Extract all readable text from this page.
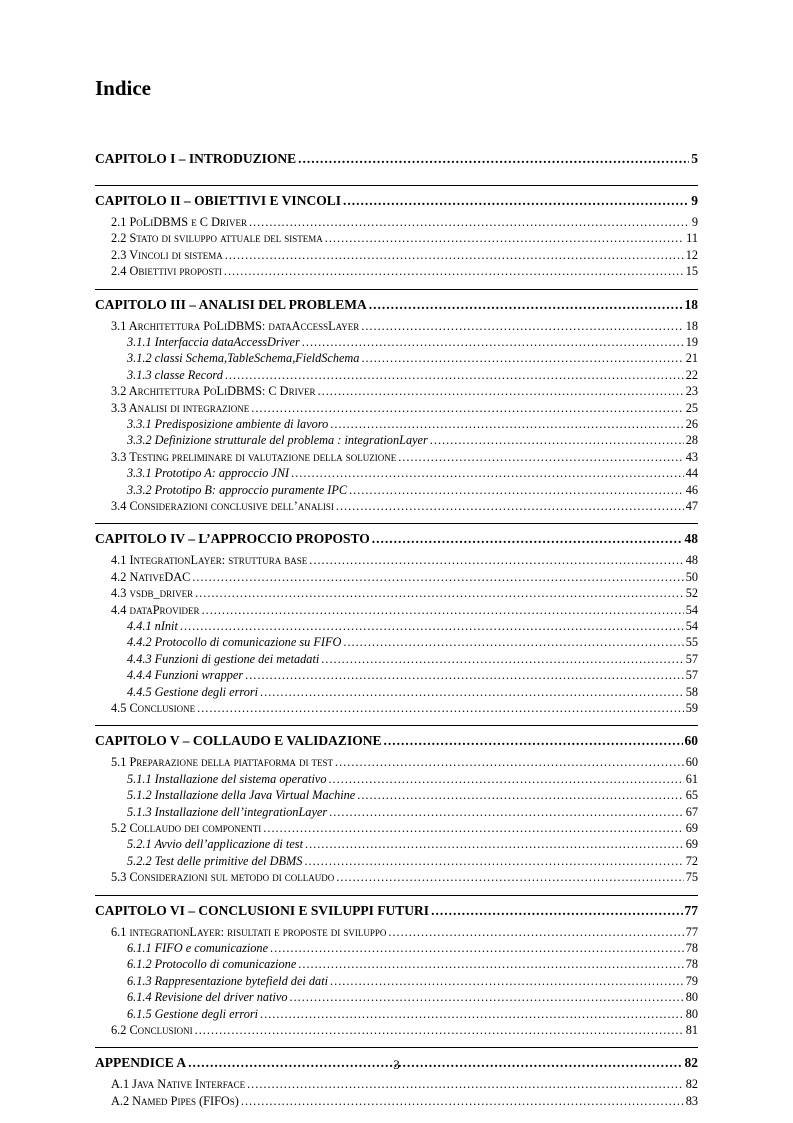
Indice
CAPITOLO I – INTRODUZIONE .....	5
CAPITOLO II – OBIETTIVI E VINCOLI .....	9
2.1 PoLiDBMS e C Driver .....	9
2.2 Stato di sviluppo attuale del sistema .....	11
2.3 Vincoli di sistema .....	12
2.4 Obiettivi proposti .....	15
CAPITOLO III – ANALISI DEL PROBLEMA .....	18
3.1 Architettura PoLiDBMS: dataAccessLayer .....	18
3.1.1 Interfaccia dataAccessDriver .....	19
3.1.2 classi Schema,TableSchema,FieldSchema .....	21
3.1.3 classe Record .....	22
3.2 Architettura PoLiDBMS: C Driver .....	23
3.3 Analisi di integrazione .....	25
3.3.1 Predisposizione ambiente di lavoro .....	26
3.3.2 Definizione strutturale del problema : integrationLayer .....	28
3.3 Testing preliminare di valutazione della soluzione .....	43
3.3.1 Prototipo A: approccio JNI .....	44
3.3.2 Prototipo B: approccio puramente IPC .....	46
3.4 Considerazioni conclusive dell’analisi .....	47
CAPITOLO IV – L’APPROCCIO PROPOSTO .....	48
4.1 IntegrationLayer: struttura base .....	48
4.2 NativeDAC .....	50
4.3 vsdb_driver .....	52
4.4 dataProvider .....	54
4.4.1 nInit .....	54
4.4.2 Protocollo di comunicazione su FIFO .....	55
4.4.3 Funzioni di gestione dei metadati .....	57
4.4.4 Funzioni wrapper .....	57
4.4.5 Gestione degli errori .....	58
4.5 Conclusione .....	59
CAPITOLO V – COLLAUDO E VALIDAZIONE .....	60
5.1 Preparazione della piattaforma di test .....	60
5.1.1 Installazione del sistema operativo .....	61
5.1.2 Installazione della Java Virtual Machine .....	65
5.1.3 Installazione dell’integrationLayer .....	67
5.2 Collaudo dei componenti .....	69
5.2.1 Avvio dell’applicazione di test .....	69
5.2.2 Test delle primitive del DBMS .....	72
5.3 Considerazioni sul metodo di collaudo .....	75
CAPITOLO VI – CONCLUSIONI E SVILUPPI FUTURI .....	77
6.1 integrationLayer: risultati e proposte di sviluppo .....	77
6.1.1 FIFO e comunicazione .....	78
6.1.2 Protocollo di comunicazione .....	78
6.1.3 Rappresentazione bytefield dei dati .....	79
6.1.4 Revisione del driver nativo .....	80
6.1.5 Gestione degli errori .....	80
6.2 Conclusioni .....	81
APPENDICE A .....	82
A.1 Java Native Interface .....	82
A.2 Named Pipes (FIFOs) .....	83
3
